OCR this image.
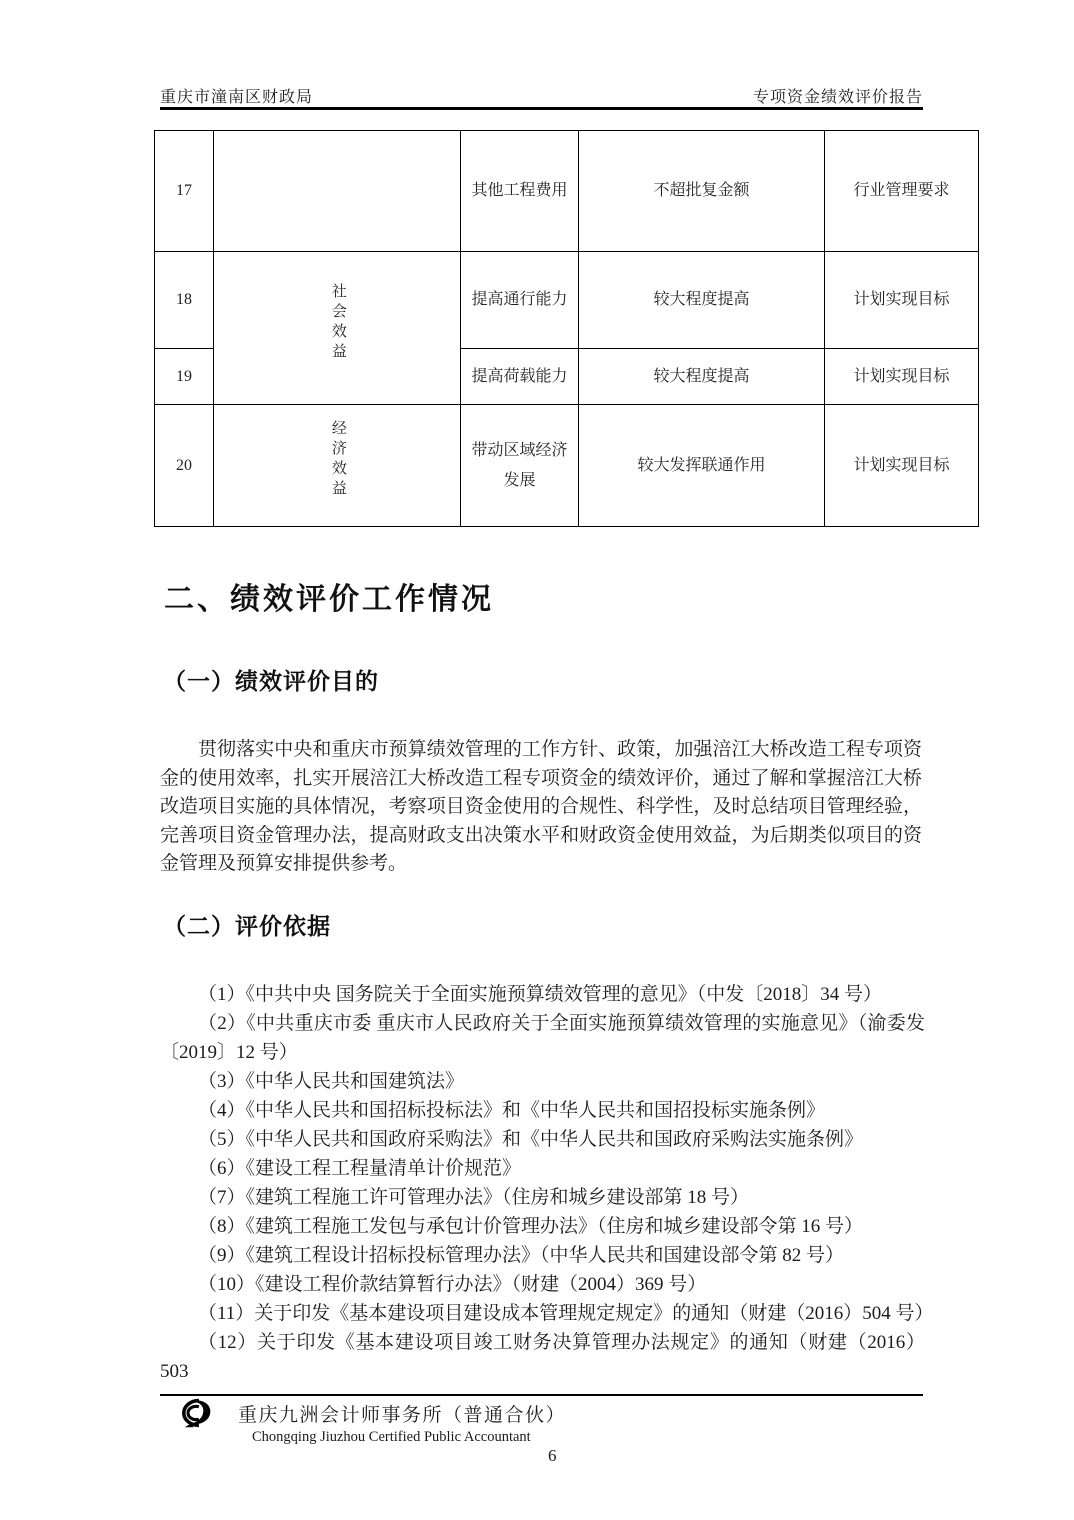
重庆市潼南区财政局	专项资金绩效评价报告
17		其他工程费用	不超批复金额	行业管理要求
18	社会效益	提高通行能力	较大程度提高	计划实现目标
19		提高荷载能力	较大程度提高	计划实现目标
20	经济效益	带动区域经济发展	较大发挥联通作用	计划实现目标
二、绩效评价工作情况
（一）绩效评价目的

贯彻落实中央和重庆市预算绩效管理的工作方针、政策，加强涪江大桥改造工程专项资金的使用效率，扎实开展涪江大桥改造工程专项资金的绩效评价，通过了解和掌握涪江大桥改造项目实施的具体情况，考察项目资金使用的合规性、科学性，及时总结项目管理经验，完善项目资金管理办法，提高财政支出决策水平和财政资金使用效益，为后期类似项目的资金管理及预算安排提供参考。

（二）评价依据

（1）《中共中央 国务院关于全面实施预算绩效管理的意见》（中发〔2018〕34 号）

（2）《中共重庆市委 重庆市人民政府关于全面实施预算绩效管理的实施意见》（渝委发〔2019〕12 号）

（3）《中华人民共和国建筑法》

（4）《中华人民共和国招标投标法》和《中华人民共和国招投标实施条例》

（5）《中华人民共和国政府采购法》和《中华人民共和国政府采购法实施条例》

（6）《建设工程工程量清单计价规范》

（7）《建筑工程施工许可管理办法》（住房和城乡建设部第 18 号）

（8）《建筑工程施工发包与承包计价管理办法》（住房和城乡建设部令第 16 号）

（9）《建筑工程设计招标投标管理办法》（中华人民共和国建设部令第 82 号）

（10）《建设工程价款结算暂行办法》（财建（2004）369 号）

（11）关于印发《基本建设项目建设成本管理规定规定》的通知（财建（2016）504 号）

（12）关于印发《基本建设项目竣工财务决算管理办法规定》的通知（财建（2016）503

重庆九洲会计师事务所（普通合伙）
Chongqing Jiuzhou Certified Public Accountant
6
